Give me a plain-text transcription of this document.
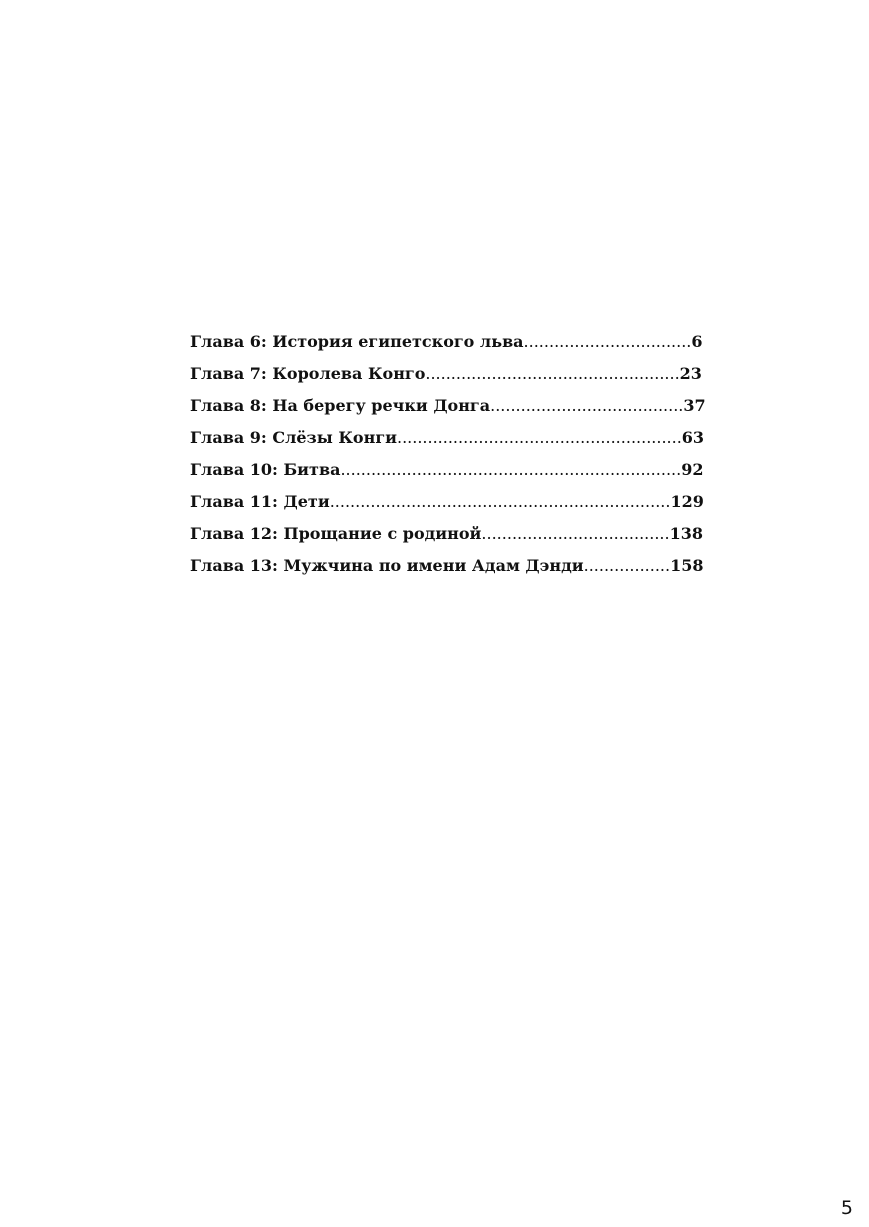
Глава 6: История египетского льва.................................6
Глава 7: Королева Конго..................................................23
Глава 8: На берегу речки Донга......................................37
Глава 9: Слёзы Конги........................................................63
Глава 10: Битва...................................................................92
Глава 11: Дети...................................................................129
Глава 12: Прощание с родиной.....................................138
Глава 13: Мужчина по имени Адам Дэнди.................158
5
